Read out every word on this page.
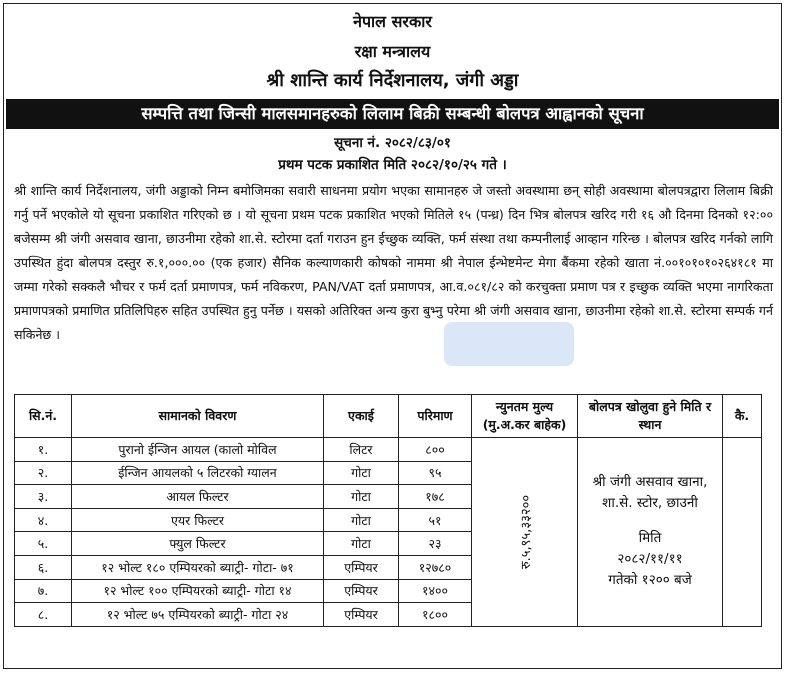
नेपाल सरकार
रक्षा मन्त्रालय
श्री शान्ति कार्य निर्देशनालय, जंगी अड्डा
सम्पत्ति तथा जिन्सी मालसमानहरुको लिलाम बिक्री सम्बन्धी बोलपत्र आह्वानको सूचना
सूचना नं. २०८२/८३/०१
प्रथम पटक प्रकाशित मिति २०८२/१०/२५ गते ।

श्री शान्ति कार्य निर्देशनालय, जंगी अड्डाको निम्न बमोजिमका सवारी साधनमा प्रयोग भएका सामानहरु जे जस्तो अवस्थामा छन् सोही अवस्थामा बोलपत्रद्वारा लिलाम बिक्री गर्नु पर्ने भएकोले यो सूचना प्रकाशित गरिएको छ । यो सूचना प्रथम पटक प्रकाशित भएको मितिले १५ (पन्ध्र) दिन भित्र बोलपत्र खरिद गरी १६ औ दिनमा दिनको १२:०० बजेसम्म श्री जंगी असवाव खाना, छाउनीमा रहेको शा.से. स्टोरमा दर्ता गराउन हुन ईच्छुक व्यक्ति, फर्म संस्था तथा कम्पनीलाई आव्हान गरिन्छ । बोलपत्र खरिद गर्नको लागि उपस्थित हुंदा बोलपत्र दस्तुर रु.१,०००.०० (एक हजार) सैनिक कल्याणकारी कोषको नाममा श्री नेपाल ईन्भेष्टमेन्ट मेगा बैंकमा रहेको खाता नं.००१०१०१०२६४१८१ मा जम्मा गरेको सक्कलै भौचर र फर्म दर्ता प्रमाणपत्र, फर्म नविकरण, PAN/VAT दर्ता प्रमाणपत्र, आ.व.०८१/८२ को करचुक्ता प्रमाण पत्र र इच्छुक व्यक्ति भएमा नागरिकता प्रमाणपत्रको प्रमाणित प्रतिलिपिहरु सहित उपस्थित हुनु पर्नेछ । यसको अतिरिक्त अन्य कुरा बुभ्नु परेमा श्री जंगी असवाव खाना, छाउनीमा रहेको शा.से. स्टोरमा सम्पर्क गर्न सकिनेछ ।

सि.नं.	सामानको विवरण	एकाई	परिमाण	न्युनतम मुल्य (मु.अ.कर बाहेक)	बोलपत्र खोलुवा हुने मिति र स्थान	कै.
१.	पुरानो ईन्जिन आयल (कालो मोविल	लिटर	८००	रु.५,९५,३३२००	श्री जंगी असवाव खाना, शा.से. स्टोर, छाउनी
मिति
२०८२/११/११
गतेको १२०० बजे	

२.	ईन्जिन आयलको ५ लिटरको ग्यालन	गोटा	९५			
३.	आयल फिल्टर	गोटा	१७८			
४.	एयर फिल्टर	गोटा	५१			
५.	फ्युल फिल्टर	गोटा	२३			
६.	१२ भोल्ट १८० एम्पियरको ब्याट्री- गोटा- ७१	एम्पियर	१२७८०			
७.	१२ भोल्ट १०० एम्पियरको ब्याट्री- गोटा १४	एम्पियर	१४००			
८.	१२ भोल्ट ७५ एम्पियरको ब्याट्री- गोटा २४	एम्पियर	१८००			
